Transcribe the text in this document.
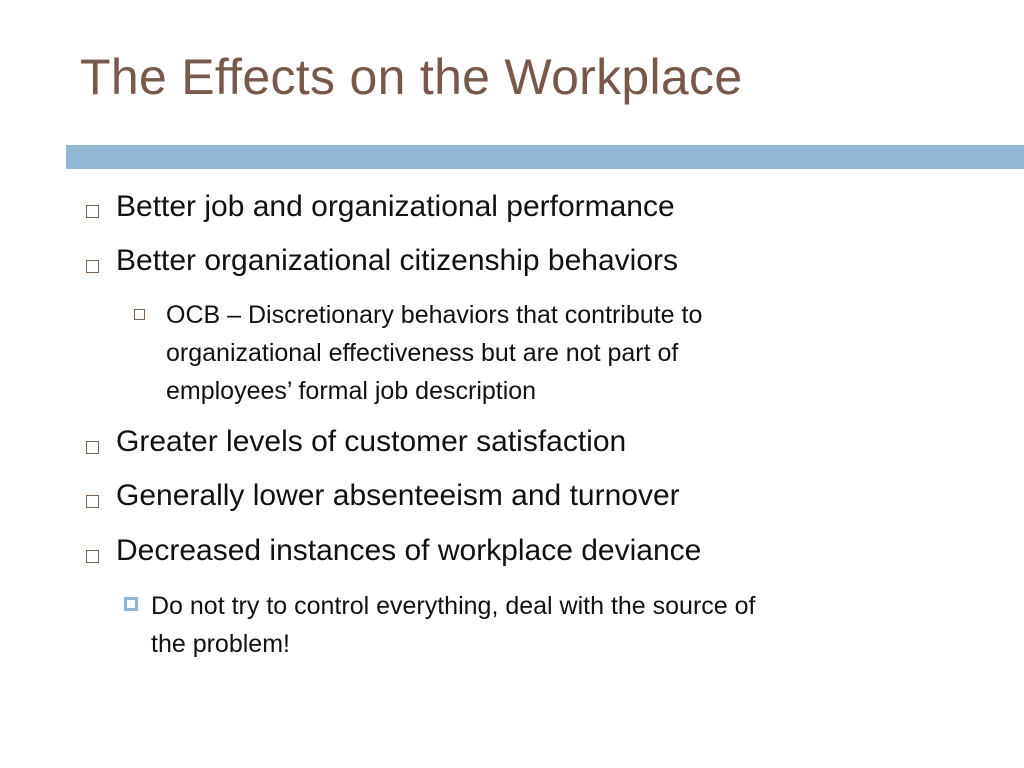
The Effects on the Workplace
Better job and organizational performance
Better organizational citizenship behaviors
OCB – Discretionary behaviors that contribute to
organizational effectiveness but are not part of
employees’ formal job description
Greater levels of customer satisfaction
Generally lower absenteeism and turnover
Decreased instances of workplace deviance
Do not try to control everything, deal with the source of
the problem!
